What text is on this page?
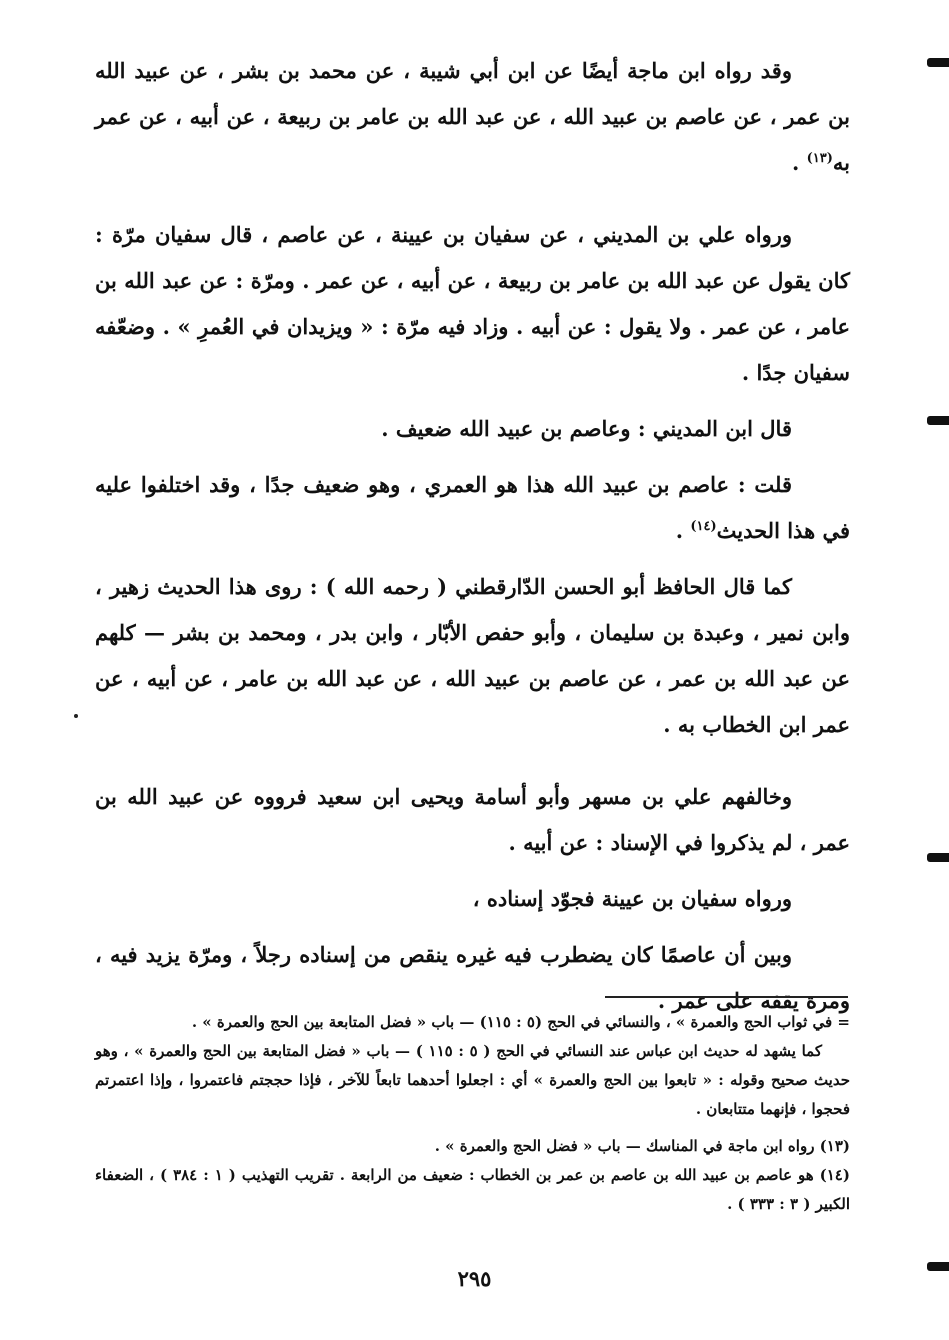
وقد رواه ابن ماجة أيضًا عن ابن أبي شيبة ، عن محمد بن بشر ، عن عبيد الله بن عمر ، عن عاصم بن عبيد الله ، عن عبد الله بن عامر بن ربيعة ، عن أبيه ، عن عمر به$^{(١٣)}$ .

ورواه علي بن المديني ، عن سفيان بن عيينة ، عن عاصم ، قال سفيان مرّة : كان يقول عن عبد الله بن عامر بن ربيعة ، عن أبيه ، عن عمر . ومرّة : عن عبد الله بن عامر ، عن عمر . ولا يقول : عن أبيه . وزاد فيه مرّة : « ويزيدان في العُمرِ » . وضعّفه سفيان جدًا .

قال ابن المديني : وعاصم بن عبيد الله ضعيف .

قلت : عاصم بن عبيد الله هذا هو العمري ، وهو ضعيف جدًا ، وقد اختلفوا عليه في هذا الحديث$^{(١٤)}$ .

كما قال الحافظ أبو الحسن الدّارقطني ( رحمه الله ) : روى هذا الحديث زهير ، وابن نمير ، وعبدة بن سليمان ، وأبو حفص الأبّار ، وابن بدر ، ومحمد بن بشر — كلهم عن عبد الله بن عمر ، عن عاصم بن عبيد الله ، عن عبد الله بن عامر ، عن أبيه ، عن عمر ابن الخطاب به .

وخالفهم علي بن مسهر وأبو أسامة ويحيى ابن سعيد فرووه عن عبيد الله بن عمر ، لم يذكروا في الإسناد : عن أبيه .

ورواه سفيان بن عيينة فجوّد إسناده ،

وبين أن عاصمًا كان يضطرب فيه غيره ينقص من إسناده رجلاً ، ومرّة يزيد فيه ، ومرة يقفه على عمر .

= في ثواب الحج والعمرة » ، والنسائي في الحج (٥ : ١١٥) — باب « فضل المتابعة بين الحج والعمرة » .

كما يشهد له حديث ابن عباس عند النسائي في الحج ( ٥ : ١١٥ ) — باب « فضل المتابعة بين الحج والعمرة » ، وهو حديث صحيح وقوله : « تابعوا بين الحج والعمرة » أي : اجعلوا أحدهما تابعاً للآخر ، فإذا حججتم فاعتمروا ، وإذا اعتمرتم فحجوا ، فإنهما متتابعان .

(١٣) رواه ابن ماجة في المناسك — باب « فضل الحج والعمرة » .

(١٤) هو عاصم بن عبيد الله بن عاصم بن عمر بن الخطاب : ضعيف من الرابعة . تقريب التهذيب ( ١ : ٣٨٤ ) ، الضعفاء الكبير ( ٣ : ٣٣٣ ) .

٢٩٥
